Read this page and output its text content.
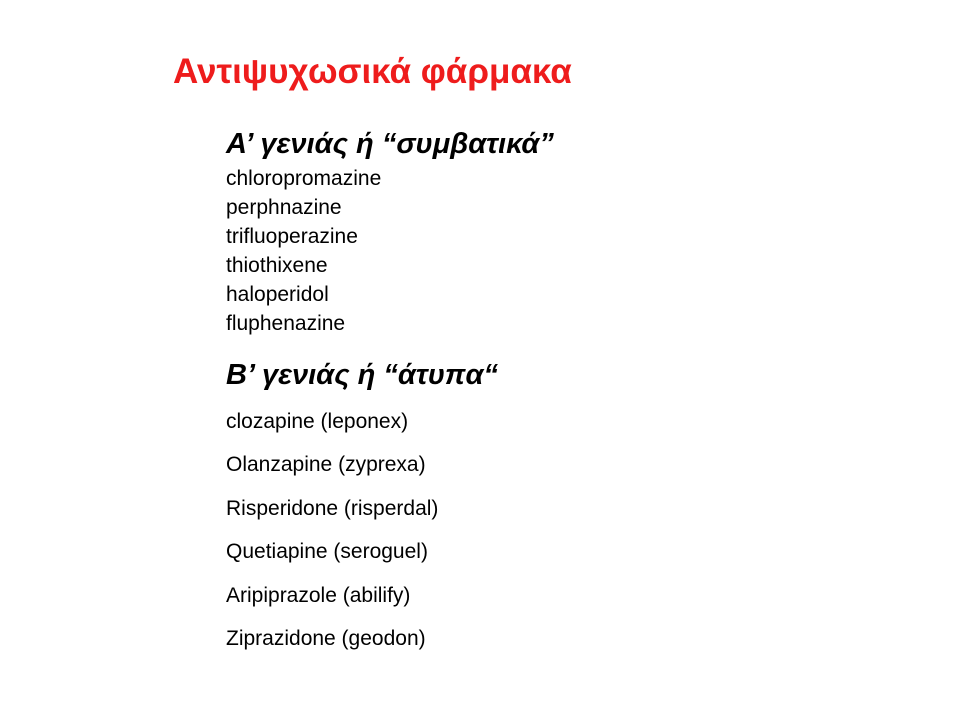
Αντιψυχωσικά φάρμακα
Α’ γενιάς ή “συμβατικά”
chloropromazine
perphnazine
trifluoperazine
thiothixene
haloperidol
fluphenazine
Β’ γενιάς ή “άτυπα“
clozapine (leponex)
Olanzapine (zyprexa)
Risperidone (risperdal)
Quetiapine (seroguel)
Aripiprazole (abilify)
Ziprazidone (geodon)
